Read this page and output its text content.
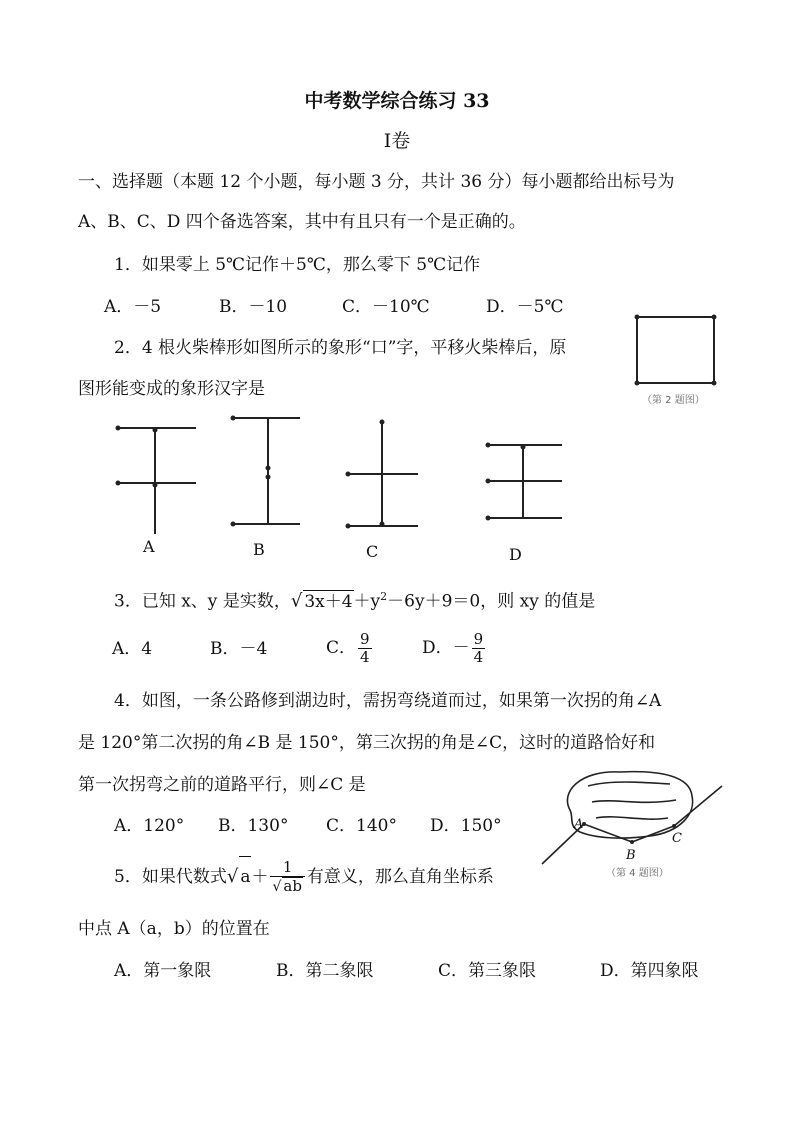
中考数学综合练习 33
Ⅰ卷
一、选择题（本题 12 个小题，每小题 3 分，共计 36 分）每小题都给出标号为
A、B、C、D 四个备选答案，其中有且只有一个是正确的。
1．如果零上 5℃记作＋5℃，那么零下 5℃记作
A．－5	B．－10	C．－10℃	D．－5℃
2．4 根火柴棒形如图所示的象形“口”字，平移火柴棒后，原
图形能变成的象形汉字是
（第 2 题图）
A	B	C	D
3．已知 x、y 是实数，√ $3x+4+y^2-6y+9=0$，则 xy 的值是
A．4	B．－4	C． $\frac{9}{4}$	D．－ $\frac{9}{4}$
4．如图，一条公路修到湖边时，需拐弯绕道而过，如果第一次拐的角∠A
是 120°第二次拐的角∠B 是 150°，第三次拐的角是∠C，这时的道路恰好和
第一次拐弯之前的道路平行，则∠C 是
A．120° B．130° C．140° D．150°	A
B
C
（第 4 题图）
5．如果代数式√ $a+ \frac{1}{√ ab}$ 有意义，那么直角坐标系
中点 A（a，b）的位置在
A．第一象限	B．第二象限	C．第三象限	D．第四象限
